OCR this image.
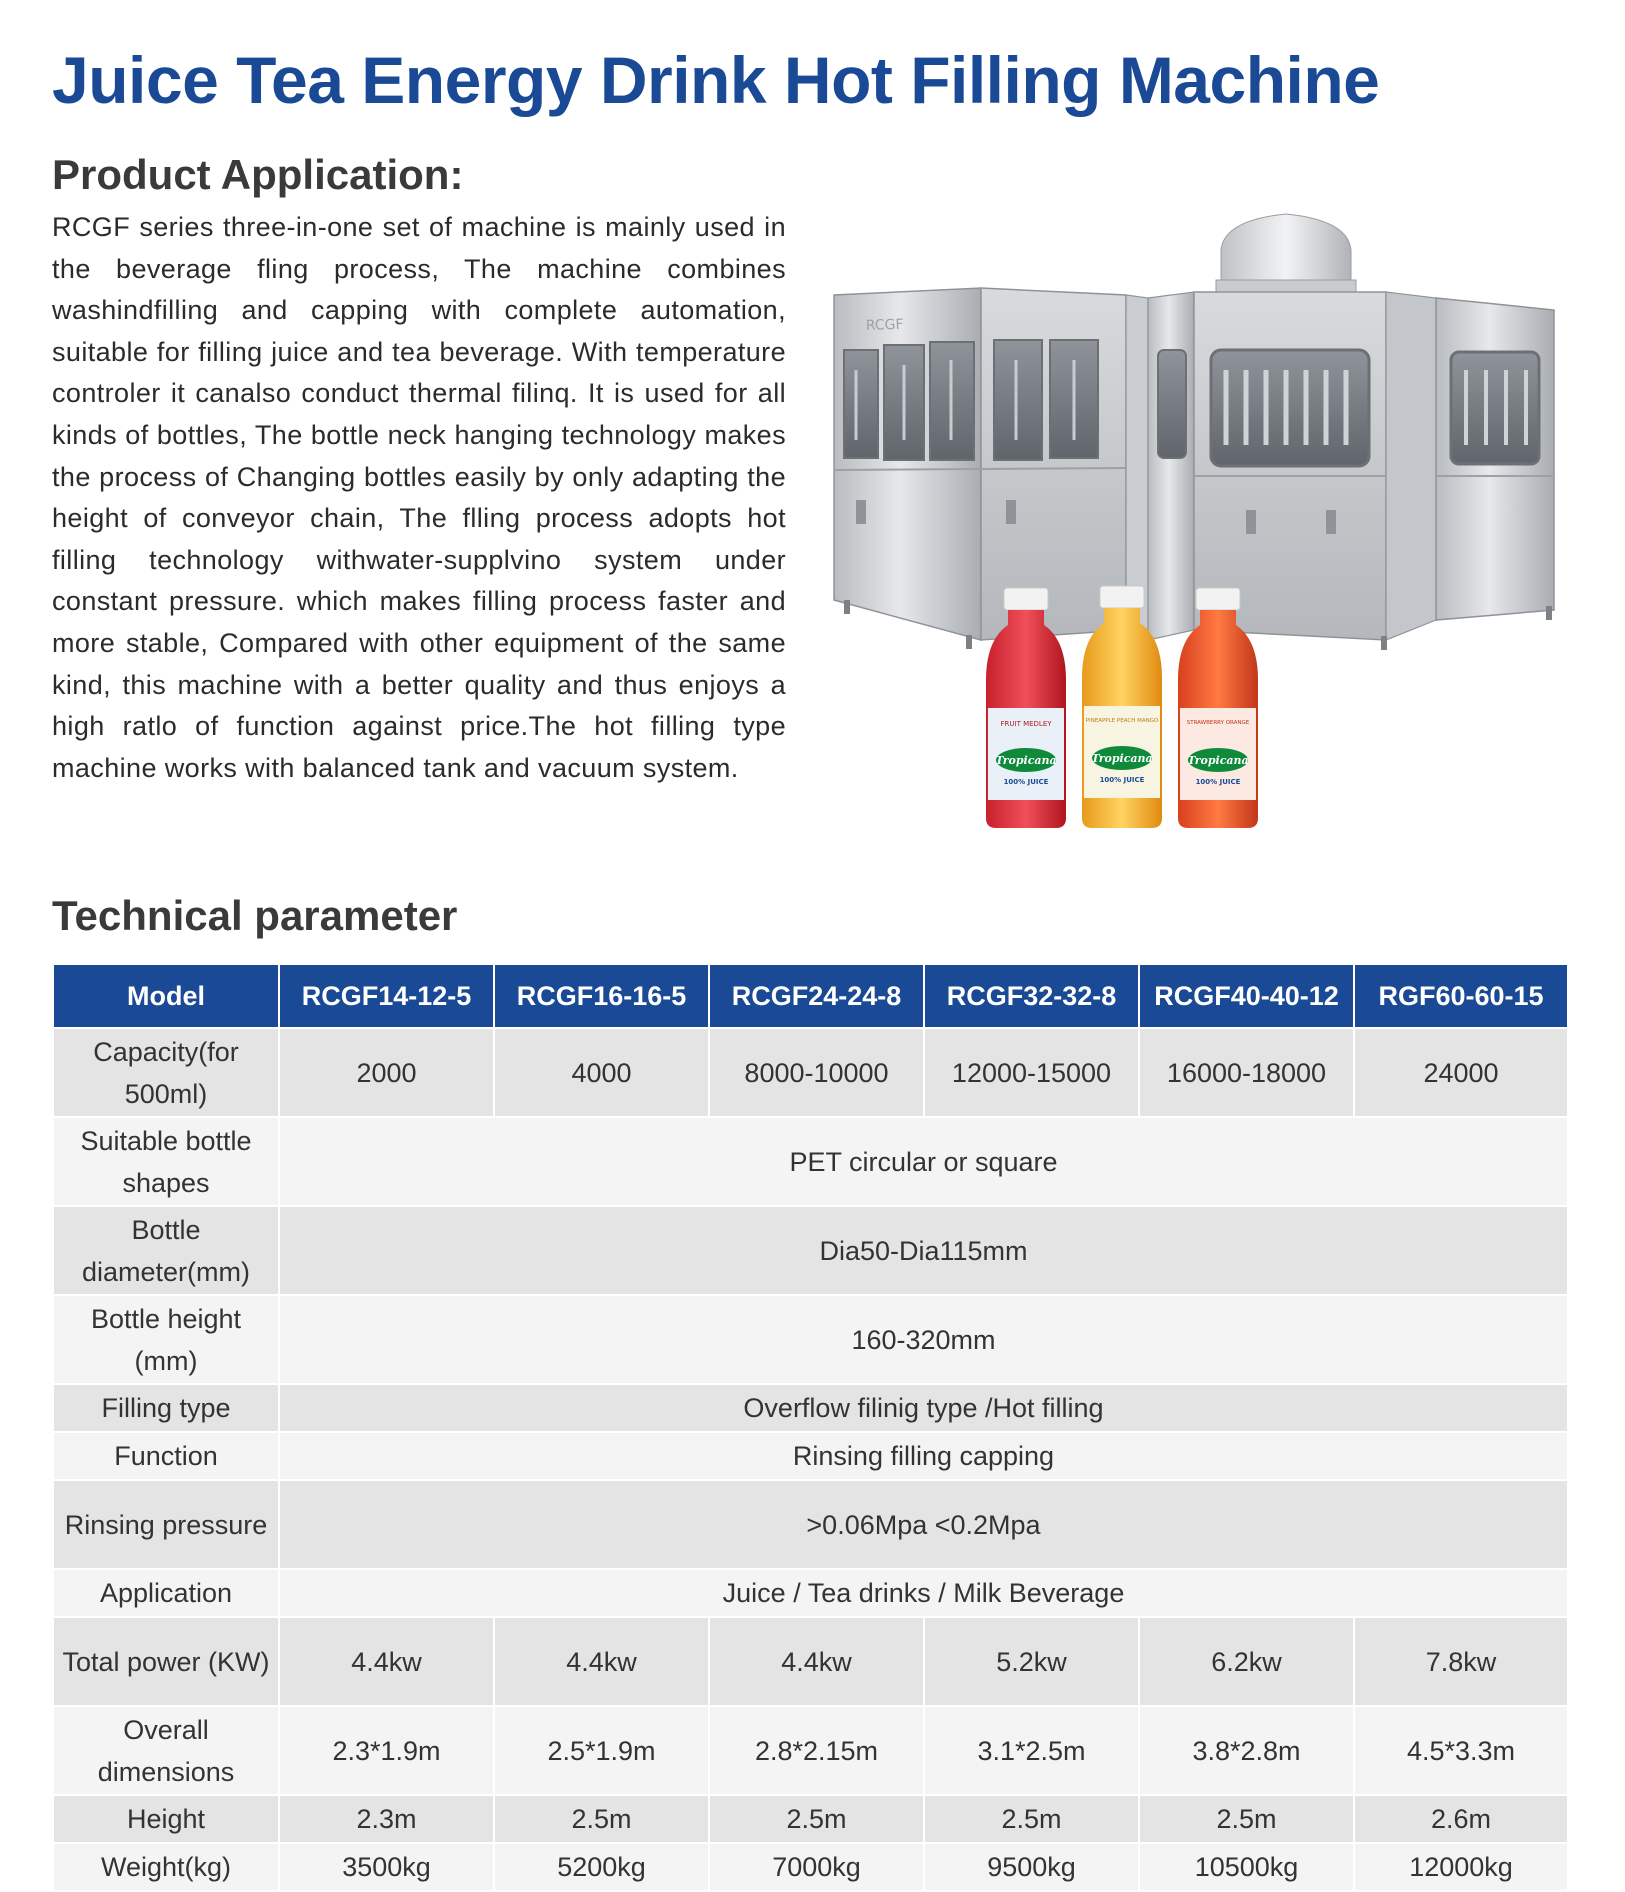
Juice Tea Energy Drink Hot Filling Machine
Product Application:

RCGF series three-in-one set of machine is mainly used in the beverage fling process, The machine combines washindfilling and capping with complete automation, suitable for filling juice and tea beverage. With temperature controler it canalso conduct thermal filinq. It is used for all kinds of bottles, The bottle neck hanging technology makes the process of Changing bottles easily by only adapting the height of conveyor chain, The flling process adopts hot filling technology withwater-supplvino system under constant pressure. which makes filling process faster and more stable, Compared with other equipment of the same kind, this machine with a better quality and thus enjoys a high ratlo of function against price.The hot filling type machine works with balanced tank and vacuum system.

RCGF
FRUIT MEDLEY
Tropicana
100% JUICE
PINEAPPLE PEACH MANGO
Tropicana
100% JUICE
STRAWBERRY ORANGE
Tropicana
100% JUICE
Technical parameter
Model	RCGF14-12-5	RCGF16-16-5	RCGF24-24-8	RCGF32-32-8	RCGF40-40-12	RGF60-60-15
Capacity(for 500ml)	2000	4000	8000-10000	12000-15000	16000-18000	24000
Suitable bottle shapes	PET circular or square					
Bottle diameter(mm)	Dia50-Dia115mm					
Bottle height (mm)	160-320mm					
Filling type	Overflow filinig type /Hot filling					
Function	Rinsing filling capping					
Rinsing pressure	>0.06Mpa <0.2Mpa					
Application	Juice / Tea drinks / Milk Beverage					
Total power (KW)	4.4kw	4.4kw	4.4kw	5.2kw	6.2kw	7.8kw
Overall dimensions	2.3*1.9m	2.5*1.9m	2.8*2.15m	3.1*2.5m	3.8*2.8m	4.5*3.3m
Height	2.3m	2.5m	2.5m	2.5m	2.5m	2.6m
Weight(kg)	3500kg	5200kg	7000kg	9500kg	10500kg	12000kg
